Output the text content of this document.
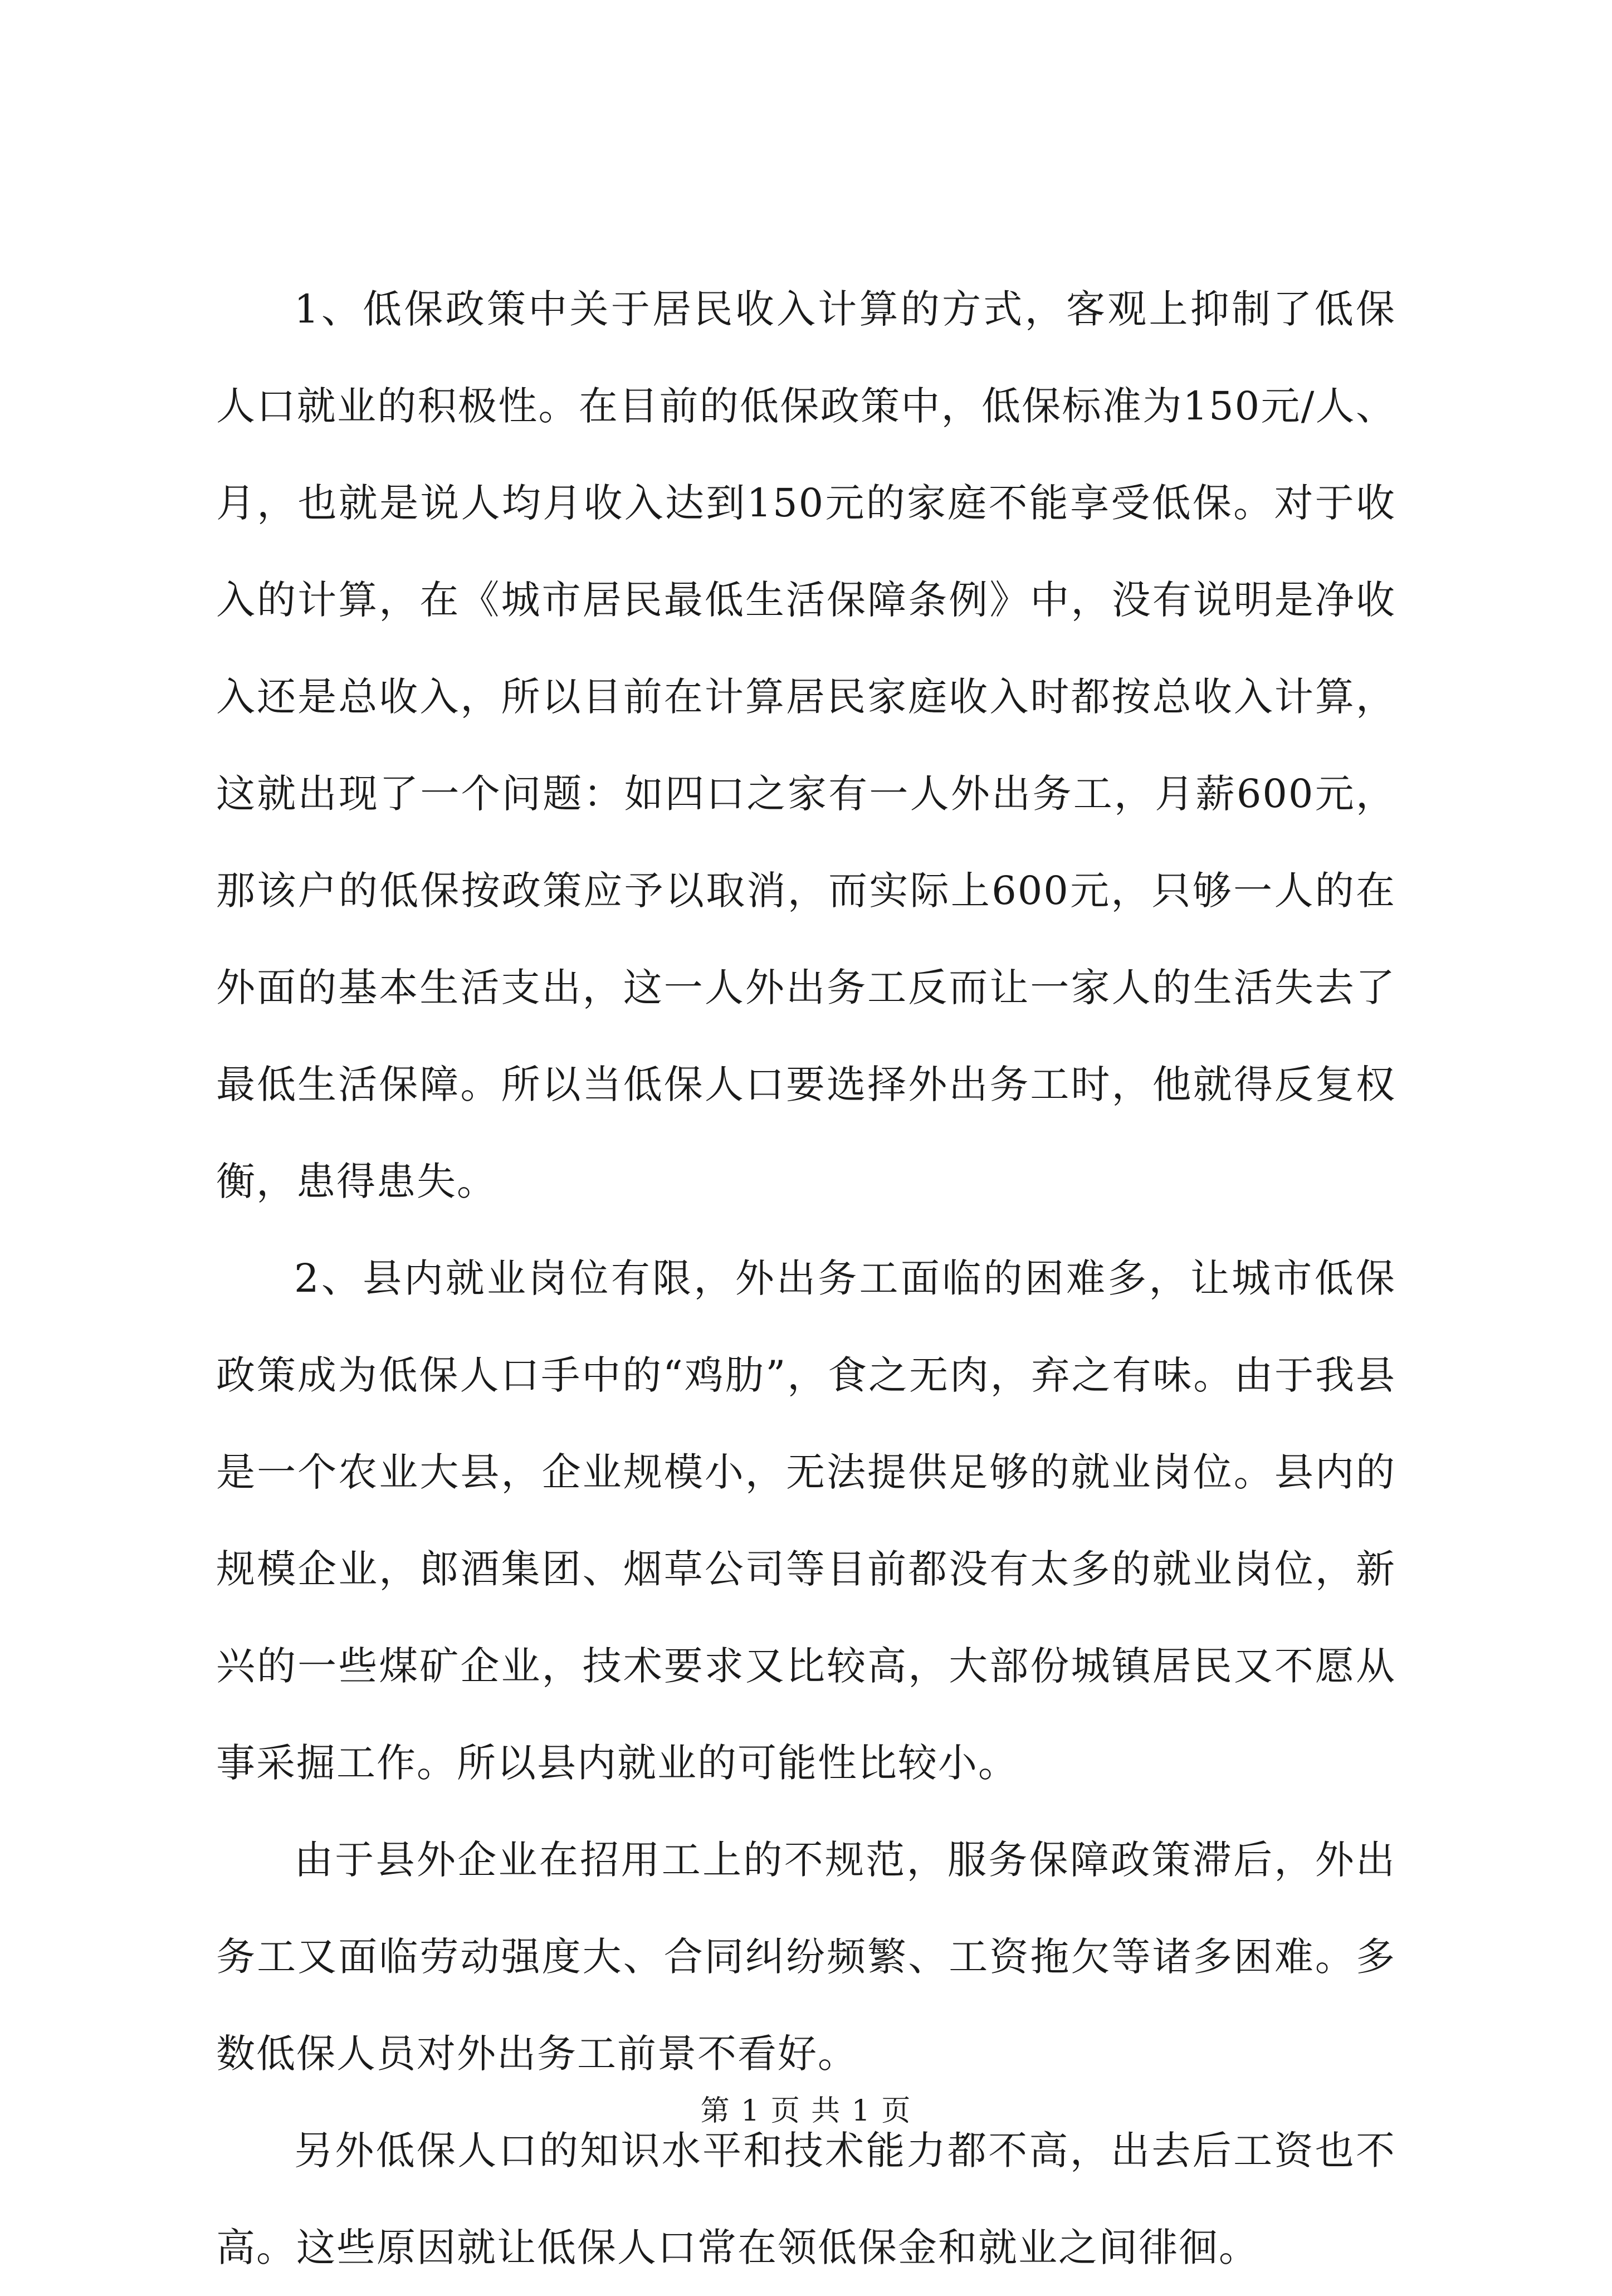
1、低保政策中关于居民收入计算的方式，客观上抑制了低保人口就业的积极性。在目前的低保政策中，低保标准为150元/人、月，也就是说人均月收入达到150元的家庭不能享受低保。对于收入的计算，在《城市居民最低生活保障条例》中，没有说明是净收入还是总收入，所以目前在计算居民家庭收入时都按总收入计算，这就出现了一个问题：如四口之家有一人外出务工，月薪600元，那该户的低保按政策应予以取消，而实际上600元，只够一人的在外面的基本生活支出，这一人外出务工反而让一家人的生活失去了最低生活保障。所以当低保人口要选择外出务工时，他就得反复权衡，患得患失。

2、县内就业岗位有限，外出务工面临的困难多，让城市低保政策成为低保人口手中的“鸡肋”，食之无肉，弃之有味。由于我县是一个农业大县，企业规模小，无法提供足够的就业岗位。县内的规模企业，郎酒集团、烟草公司等目前都没有太多的就业岗位，新兴的一些煤矿企业，技术要求又比较高，大部份城镇居民又不愿从事采掘工作。所以县内就业的可能性比较小。

由于县外企业在招用工上的不规范，服务保障政策滞后，外出务工又面临劳动强度大、合同纠纷频繁、工资拖欠等诸多困难。多数低保人员对外出务工前景不看好。

另外低保人口的知识水平和技术能力都不高，出去后工资也不高。这些原因就让低保人口常在领低保金和就业之间徘徊。

第 1 页 共 1 页
